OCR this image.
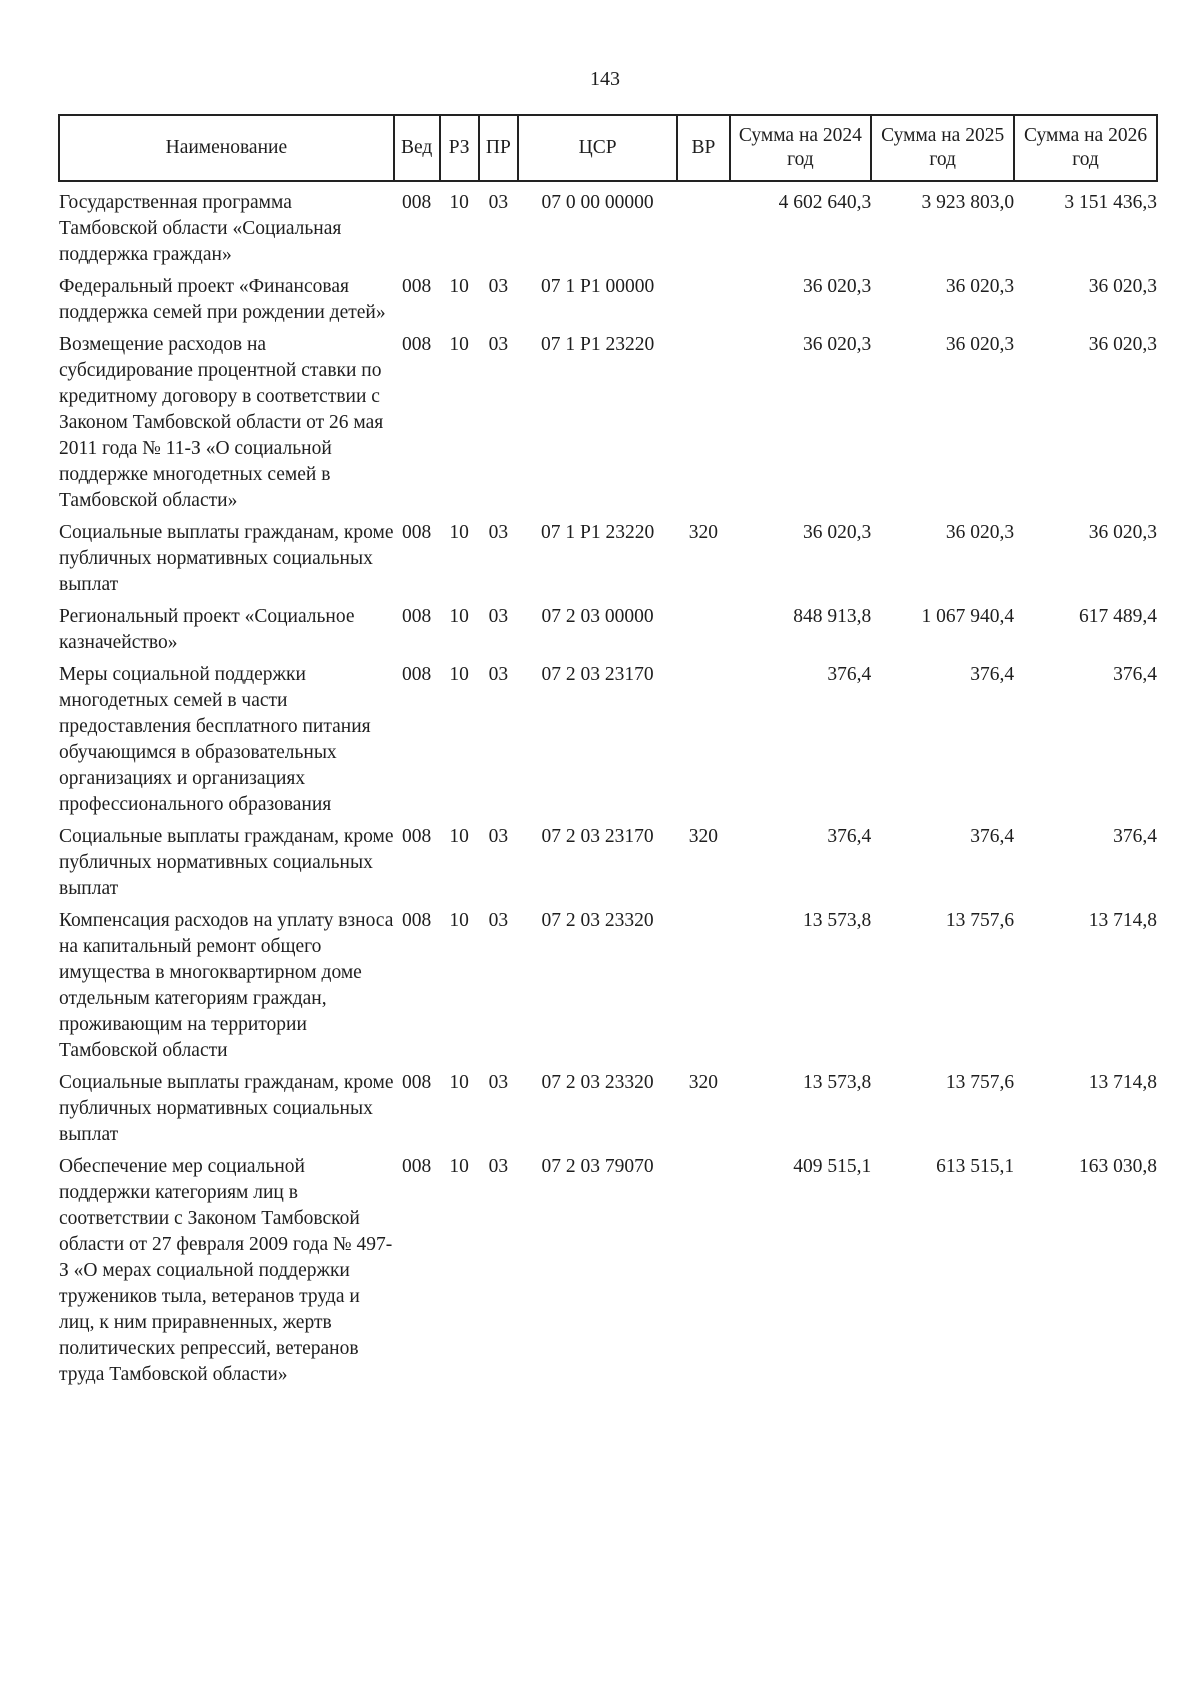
143
Наименование	Вед	РЗ	ПР	ЦСР	ВР	Сумма на 2024 год	Сумма на 2025 год	Сумма на 2026 год
Государственная программа Тамбовской области «Социальная поддержка граждан»	008	10	03	07 0 00 00000		4 602 640,3	3 923 803,0	3 151 436,3
Федеральный проект «Финансовая поддержка семей при рождении детей»	008	10	03	07 1 Р1 00000		36 020,3	36 020,3	36 020,3
Возмещение расходов на субсидирование процентной ставки по кредитному договору в соответствии с Законом Тамбовской области от 26 мая 2011 года № 11-З «О социальной поддержке многодетных семей в Тамбовской области»	008	10	03	07 1 Р1 23220		36 020,3	36 020,3	36 020,3
Социальные выплаты гражданам, кроме публичных нормативных социальных выплат	008	10	03	07 1 Р1 23220	320	36 020,3	36 020,3	36 020,3
Региональный проект «Социальное казначейство»	008	10	03	07 2 03 00000		848 913,8	1 067 940,4	617 489,4
Меры социальной поддержки многодетных семей в части предоставления бесплатного питания обучающимся в образовательных организациях и организациях профессионального образования	008	10	03	07 2 03 23170		376,4	376,4	376,4
Социальные выплаты гражданам, кроме публичных нормативных социальных выплат	008	10	03	07 2 03 23170	320	376,4	376,4	376,4
Компенсация расходов на уплату взноса на капитальный ремонт общего имущества в многоквартирном доме отдельным категориям граждан, проживающим на территории Тамбовской области	008	10	03	07 2 03 23320		13 573,8	13 757,6	13 714,8
Социальные выплаты гражданам, кроме публичных нормативных социальных выплат	008	10	03	07 2 03 23320	320	13 573,8	13 757,6	13 714,8
Обеспечение мер социальной поддержки категориям лиц в соответствии с Законом Тамбовской области от 27 февраля 2009 года № 497-З «О мерах социальной поддержки тружеников тыла, ветеранов труда и лиц, к ним приравненных, жертв политических репрессий, ветеранов труда Тамбовской области»	008	10	03	07 2 03 79070		409 515,1	613 515,1	163 030,8
